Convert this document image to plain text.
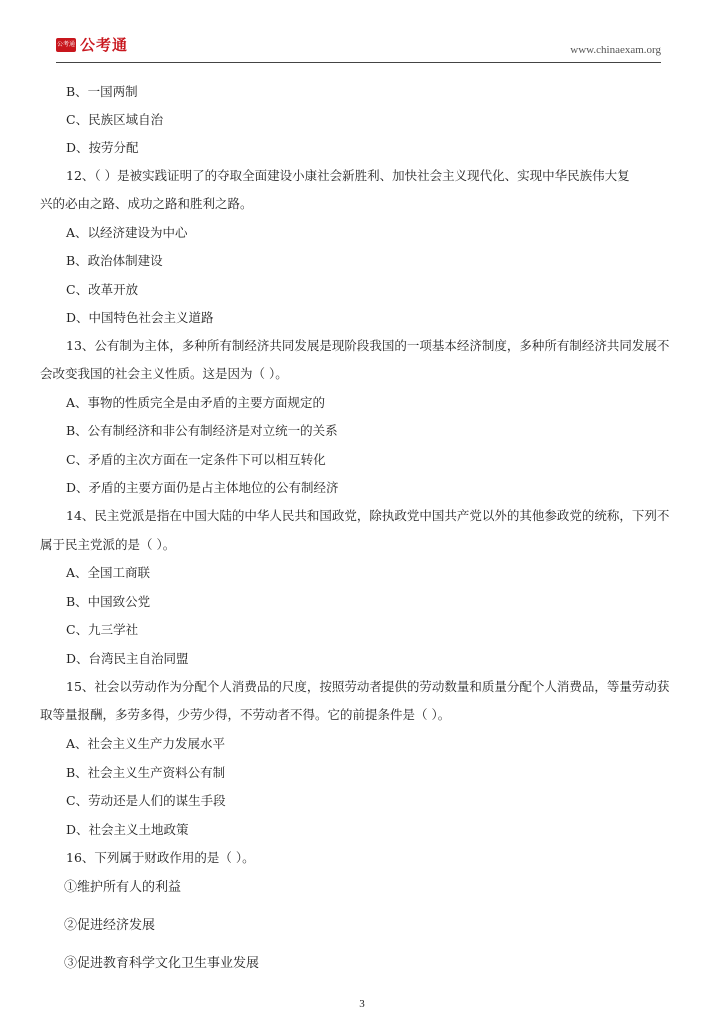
公考通 公考通	www.chinaexam.org
B、一国两制
C、民族区域自治
D、按劳分配
12、（ ）是被实践证明了的夺取全面建设小康社会新胜利、加快社会主义现代化、实现中华民族伟大复
兴的必由之路、成功之路和胜利之路。
A、以经济建设为中心
B、政治体制建设
C、改革开放
D、中国特色社会主义道路
13、公有制为主体，多种所有制经济共同发展是现阶段我国的一项基本经济制度，多种所有制经济共同发展不
会改变我国的社会主义性质。这是因为（ ）。
A、事物的性质完全是由矛盾的主要方面规定的
B、公有制经济和非公有制经济是对立统一的关系
C、矛盾的主次方面在一定条件下可以相互转化
D、矛盾的主要方面仍是占主体地位的公有制经济
14、民主党派是指在中国大陆的中华人民共和国政党，除执政党中国共产党以外的其他参政党的统称，下列不
属于民主党派的是（ ）。
A、全国工商联
B、中国致公党
C、九三学社
D、台湾民主自治同盟
15、社会以劳动作为分配个人消费品的尺度，按照劳动者提供的劳动数量和质量分配个人消费品，等量劳动获
取等量报酬，多劳多得，少劳少得，不劳动者不得。它的前提条件是（ ）。
A、社会主义生产力发展水平
B、社会主义生产资料公有制
C、劳动还是人们的谋生手段
D、社会主义土地政策
16、下列属于财政作用的是（ ）。
①维护所有人的利益
②促进经济发展
③促进教育科学文化卫生事业发展
3
